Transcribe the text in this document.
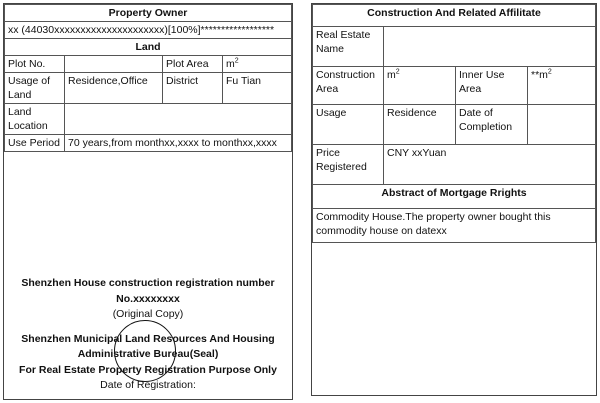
Property Owner			
xx (44030xxxxxxxxxxxxxxxxxxxxx)[100%]******************			
Land			
Plot No.		Plot Area	$m^2$
Usage of Land	Residence,Office	District	Fu Tian
Land Location			
Use Period	70 years,from monthxx,xxxx to monthxx,xxxx		
Shenzhen House construction registration number
No.xxxxxxxx
(Original Copy)
Shenzhen Municipal Land Resources And Housing
Administrative Bureau(Seal)
For Real Estate Property Registration Purpose Only
Date of Registration:
Construction And Related Affilitate			
Real Estate Name			
Construction Area	$m^2$	Inner Use Area	$**m^2$
Usage	Residence	Date of Completion	
Price Registered	CNY xxYuan		
Abstract of Mortgage Rrights			
Commodity House.The property owner bought this commodity house on datexx			
